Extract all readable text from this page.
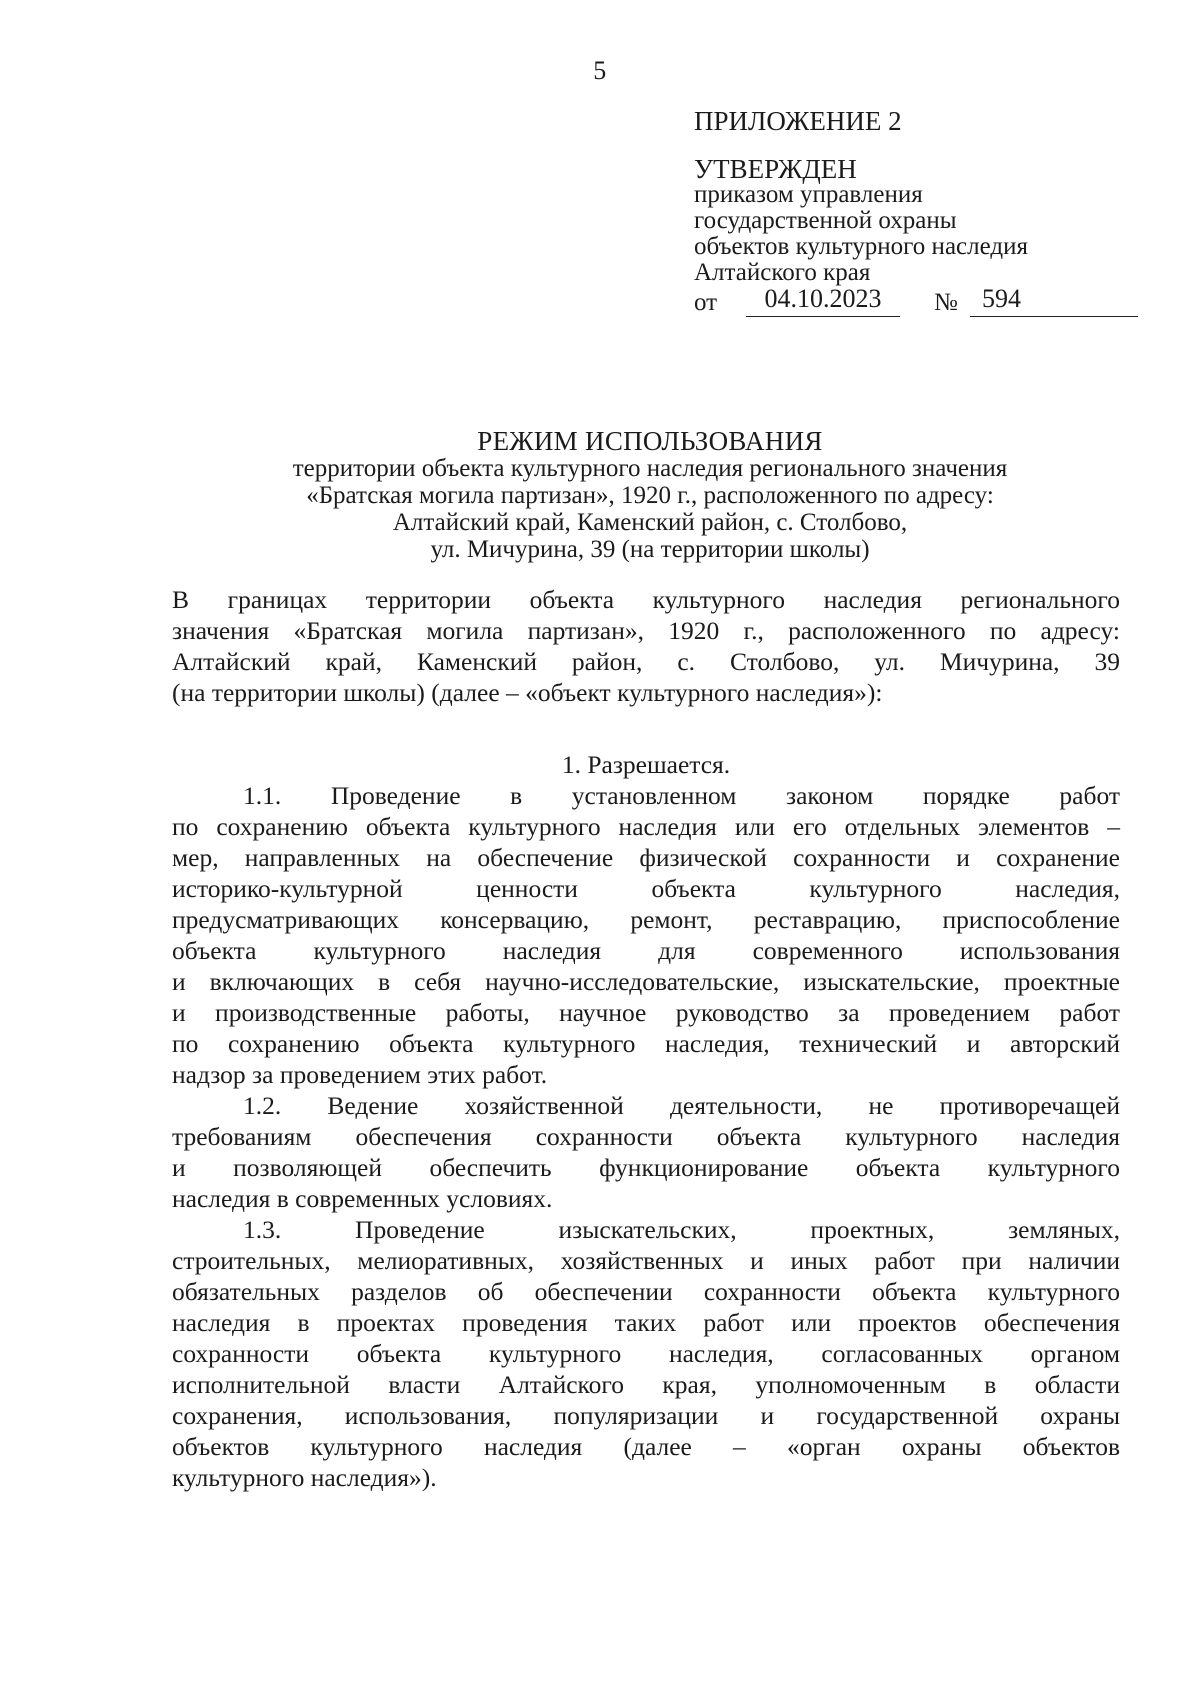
5
ПРИЛОЖЕНИЕ 2
УТВЕРЖДЕН
приказом управления
государственной охраны
объектов культурного наследия
Алтайского края
от	04.10.2023	№ 594
РЕЖИМ ИСПОЛЬЗОВАНИЯ
территории объекта культурного наследия регионального значения
«Братская могила партизан», 1920 г., расположенного по адресу:
Алтайский край, Каменский район, с. Столбово,
ул. Мичурина, 39 (на территории школы)
В границах территории объекта культурного наследия регионального
значения «Братская могила партизан», 1920 г., расположенного по адресу:
Алтайский край, Каменский район, с. Столбово, ул. Мичурина, 39
(на территории школы) (далее – «объект культурного наследия»):
1. Разрешается.
1.1. Проведение в установленном законом порядке работ
по сохранению объекта культурного наследия или его отдельных элементов –
мер, направленных на обеспечение физической сохранности и сохранение
историко-культурной ценности объекта культурного наследия,
предусматривающих консервацию, ремонт, реставрацию, приспособление
объекта культурного наследия для современного использования
и включающих в себя научно-исследовательские, изыскательские, проектные
и производственные работы, научное руководство за проведением работ
по сохранению объекта культурного наследия, технический и авторский
надзор за проведением этих работ.
1.2. Ведение хозяйственной деятельности, не противоречащей
требованиям обеспечения сохранности объекта культурного наследия
и позволяющей обеспечить функционирование объекта культурного
наследия в современных условиях.
1.3. Проведение изыскательских, проектных, земляных,
строительных, мелиоративных, хозяйственных и иных работ при наличии
обязательных разделов об обеспечении сохранности объекта культурного
наследия в проектах проведения таких работ или проектов обеспечения
сохранности объекта культурного наследия, согласованных органом
исполнительной власти Алтайского края, уполномоченным в области
сохранения, использования, популяризации и государственной охраны
объектов культурного наследия (далее – «орган охраны объектов
культурного наследия»).
